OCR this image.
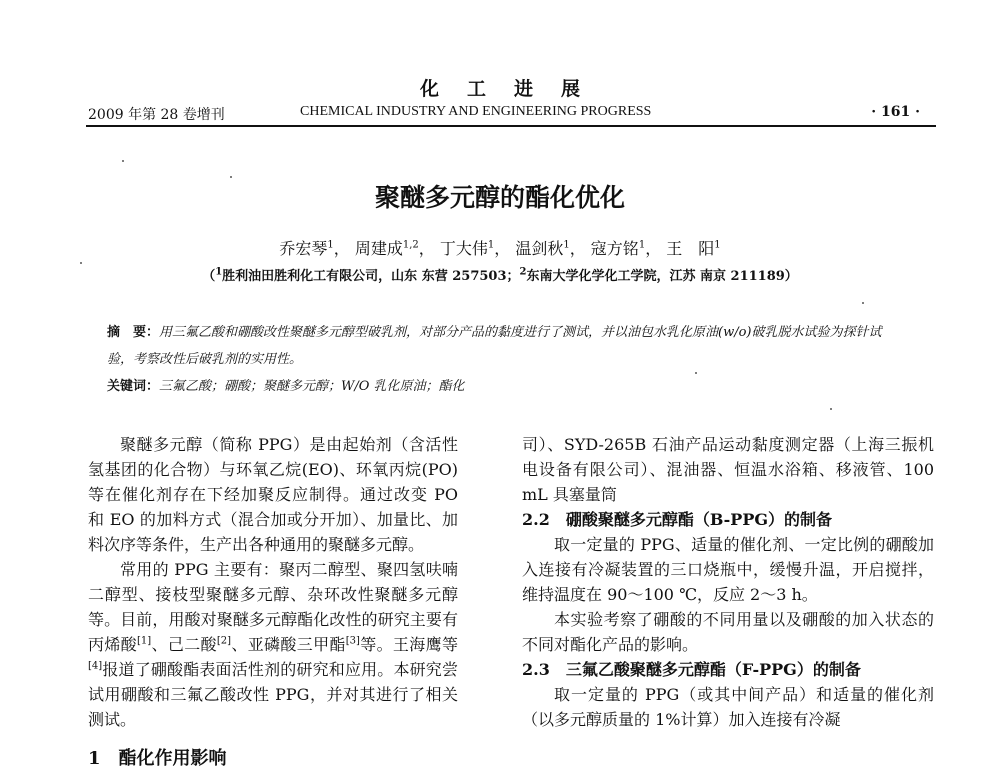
化工进展
2009 年第 28 卷增刊	CHEMICAL INDUSTRY AND ENGINEERING PROGRESS	· 161 ·
聚醚多元醇的酯化优化
乔宏琴$^1$， 周建成$^{1,2}$， 丁大伟$^1$， 温剑秋$^1$， 寇方铭$^1$， 王　阳$^1$
（$^1$胜利油田胜利化工有限公司，山东 东营 257503；$^2$东南大学化学化工学院，江苏 南京 211189）
摘　要：用三氟乙酸和硼酸改性聚醚多元醇型破乳剂，对部分产品的黏度进行了测试，并以油包水乳化原油(w/o)破乳脱水试验为探针试验，考察改性后破乳剂的实用性。
关键词：三氟乙酸；硼酸；聚醚多元醇；W/O 乳化原油；酯化

聚醚多元醇（简称 PPG）是由起始剂（含活性氢基团的化合物）与环氧乙烷(EO)、环氧丙烷(PO)等在催化剂存在下经加聚反应制得。通过改变 PO 和 EO 的加料方式（混合加或分开加）、加量比、加料次序等条件，生产出各种通用的聚醚多元醇。

常用的 PPG 主要有：聚丙二醇型、聚四氢呋喃二醇型、接枝型聚醚多元醇、杂环改性聚醚多元醇等。目前，用酸对聚醚多元醇酯化改性的研究主要有丙烯酸[1]、己二酸[2]、亚磷酸三甲酯[3]等。王海鹰等[4]报道了硼酸酯表面活性剂的研究和应用。本研究尝试用硼酸和三氟乙酸改性 PPG，并对其进行了相关测试。

1　酯化作用影响

司）、SYD-265B 石油产品运动黏度测定器（上海三振机电设备有限公司）、混油器、恒温水浴箱、移液管、100 mL 具塞量筒

2.2　硼酸聚醚多元醇酯（B-PPG）的制备

取一定量的 PPG、适量的催化剂、一定比例的硼酸加入连接有冷凝装置的三口烧瓶中，缓慢升温，开启搅拌，维持温度在 90～100 ℃，反应 2～3 h。

本实验考察了硼酸的不同用量以及硼酸的加入状态的不同对酯化产品的影响。

2.3　三氟乙酸聚醚多元醇酯（F-PPG）的制备

取一定量的 PPG（或其中间产品）和适量的催化剂（以多元醇质量的 1%计算）加入连接有冷凝
